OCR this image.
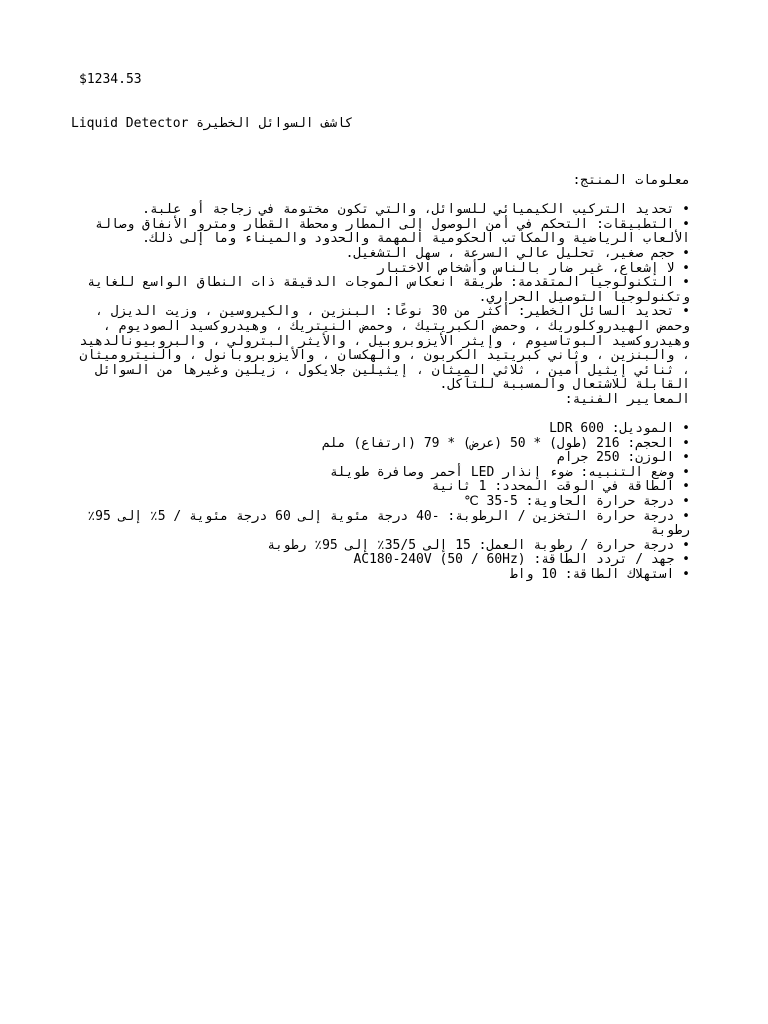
$1234.53
Liquid Detector كاشف السوائل الخطيرة
معلومات المنتج:
• تحديد التركيب الكيميائي للسوائل، والتي تكون مختومة في زجاجة أو علبة.
• التطبيقات: التحكم في أمن الوصول إلى المطار ومحطة القطار ومترو الأنفاق وصالة الألعاب الرياضية والمكاتب الحكومية المهمة والحدود والميناء وما إلى ذلك.
• حجم صغير، تحليل عالي السرعة ، سهل التشغيل.
• لا إشعاع، غير ضار بالناس وأشخاص الاختبار
• التكنولوجيا المتقدمة: طريقة انعكاس الموجات الدقيقة ذات النطاق الواسع للغاية وتكنولوجيا التوصيل الحراري.
• تحديد السائل الخطير: أكثر من 30 نوعًا: البنزين ، والكيروسين ، وزيت الديزل ، وحمض الهيدروكلوريك ، وحمض الكبريتيك ، وحمض النيتريك ، وهيدروكسيد الصوديوم ، وهيدروكسيد البوتاسيوم ، وإيثر الأيزوبروبيل ، والأيثر البترولي ، والبروبيونالدهيد ، والبنزين ، وثاني كبريتيد الكربون ، والهكسان ، والأيزوبروبانول ، والنيتروميثان ، ثنائي إيثيل أمين ، ثلاثي الميثان ، إيثيلين جلايكول ، زيلين وغيرها من السوائل القابلة للاشتعال والمسببة للتآكل.
المعايير الفنية:
• الموديل: LDR 600
• الحجم: 216 (طول) * 50 (عرض) * 79 (ارتفاع) ملم
• الوزن: 250 جرام
• وضع التنبيه: ضوء إنذار LED أحمر وصافرة طويلة
• الطاقة في الوقت المحدد: 1 ثانية
• درجة حرارة الحاوية: 5-35 ℃
• درجة حرارة التخزين / الرطوبة: -40 درجة مئوية إلى 60 درجة مئوية / 5٪ إلى 95٪ رطوبة
• درجة حرارة / رطوبة العمل: 15 إلى 35/5٪ إلى 95٪ رطوبة
• جهد / تردد الطاقة: AC180-240V (50 / 60Hz)
• استهلاك الطاقة: 10 واط
